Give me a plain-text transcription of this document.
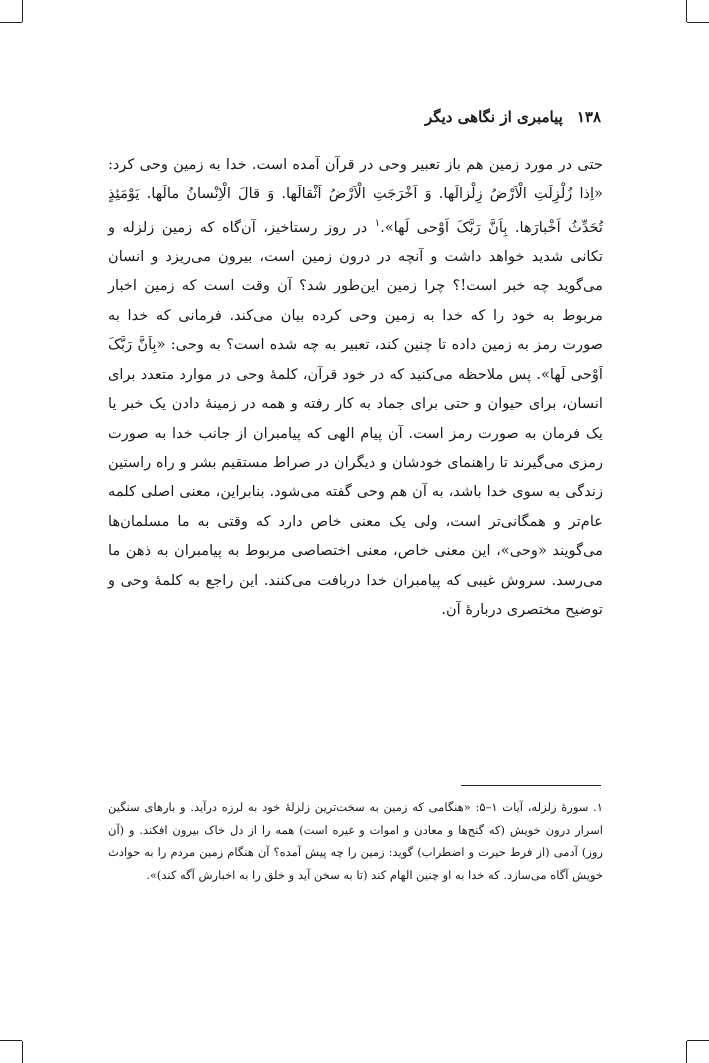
۱۳۸
پیامبری از نگاهی دیگر

حتی در مورد زمین هم باز تعبیر وحی در قرآن آمده است. خدا به زمین وحی کرد: «اِذا زُلْزِلَتِ الْاَرْضُ زِلْزالَها. وَ اَخْرَجَتِ الْاَرْضُ اَثْقالَها. وَ قالَ الْاِنْسانُ مالَها. یَوْمَئِذٍ تُحَدِّثُ اَخْبارَها. بِاَنَّ رَبَّکَ اَوْحی لَها».$^۱$ در روز رستاخیز، آن‌گاه که زمین زلزله و تکانی شدید خواهد داشت و آنچه در درون زمین است، بیرون می‌ریزد و انسان می‌گوید چه خبر است!؟ چرا زمین این‌طور شد؟ آن وقت است که زمین اخبار مربوط به خود را که خدا به زمین وحی کرده بیان می‌کند. فرمانی که خدا به صورت رمز به زمین داده تا چنین کند، تعبیر به چه شده است؟ به وحی: «بِاَنَّ رَبَّکَ اَوْحی لَها». پس ملاحظه می‌کنید که در خود قرآن، کلمهٔ وحی در موارد متعدد برای انسان، برای حیوان و حتی برای جماد به کار رفته و همه در زمینهٔ دادن یک خبر یا یک فرمان به صورت رمز است. آن پیام الهی که پیامبران از جانب خدا به صورت رمزی می‌گیرند تا راهنمای خودشان و دیگران در صراط مستقیم بشر و راه راستین زندگی به سوی خدا باشد، به آن هم وحی گفته می‌شود. بنابراین، معنی اصلی کلمه عام‌تر و همگانی‌تر است، ولی یک معنی خاص دارد که وقتی به ما مسلمان‌ها می‌گویند «وحی»، این معنی خاص، معنی اختصاصی مربوط به پیامبران به ذهن ما می‌رسد. سروش غیبی که پیامبران خدا دریافت می‌کنند. این راجع به کلمهٔ وحی و توضیح مختصری دربارهٔ آن.

۱. سورهٔ زلزله، آیات ۱–۵: «هنگامی که زمین به سخت‌ترین زلزلهٔ خود به لرزه درآید. و بارهای سنگین اسرار درون خویش (که گنج‌ها و معادن و اموات و غیره است) همه را از دل خاک بیرون افکند. و (آن روز) آدمی (از فرط حیرت و اضطراب) گوید: زمین را چه پیش آمده؟ آن هنگام زمین مردم را به حوادث خویش آگاه می‌سازد. که خدا به او چنین الهام کند (تا به سخن آید و خلق را به اخبارش آگه کند)».
